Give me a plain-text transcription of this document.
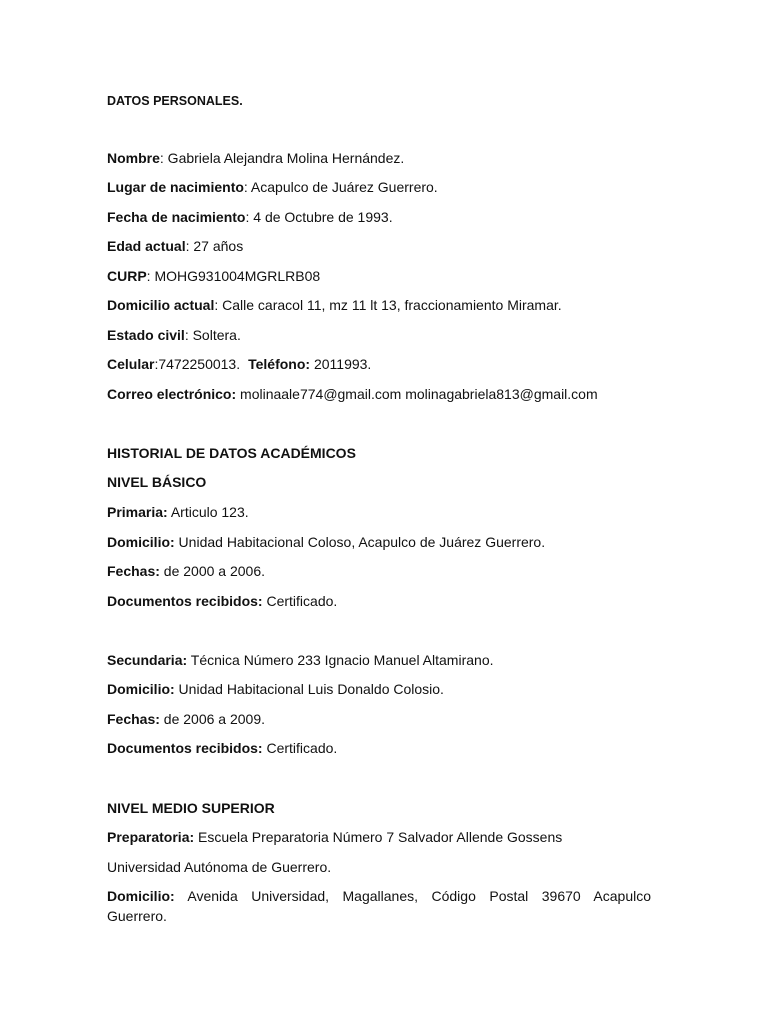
DATOS PERSONALES.
Nombre: Gabriela Alejandra Molina Hernández.
Lugar de nacimiento: Acapulco de Juárez Guerrero.
Fecha de nacimiento: 4 de Octubre de 1993.
Edad actual: 27 años
CURP: MOHG931004MGRLRB08
Domicilio actual: Calle caracol 11, mz 11 lt 13, fraccionamiento Miramar.
Estado civil: Soltera.
Celular:7472250013. Teléfono: 2011993.
Correo electrónico: molinaale774@gmail.com molinagabriela813@gmail.com
HISTORIAL DE DATOS ACADÉMICOS
NIVEL BÁSICO
Primaria: Articulo 123.
Domicilio: Unidad Habitacional Coloso, Acapulco de Juárez Guerrero.
Fechas: de 2000 a 2006.
Documentos recibidos: Certificado.
Secundaria: Técnica Número 233 Ignacio Manuel Altamirano.
Domicilio: Unidad Habitacional Luis Donaldo Colosio.
Fechas: de 2006 a 2009.
Documentos recibidos: Certificado.
NIVEL MEDIO SUPERIOR
Preparatoria: Escuela Preparatoria Número 7 Salvador Allende Gossens
Universidad Autónoma de Guerrero.
Domicilio: Avenida Universidad, Magallanes, Código Postal 39670 Acapulco Guerrero.
